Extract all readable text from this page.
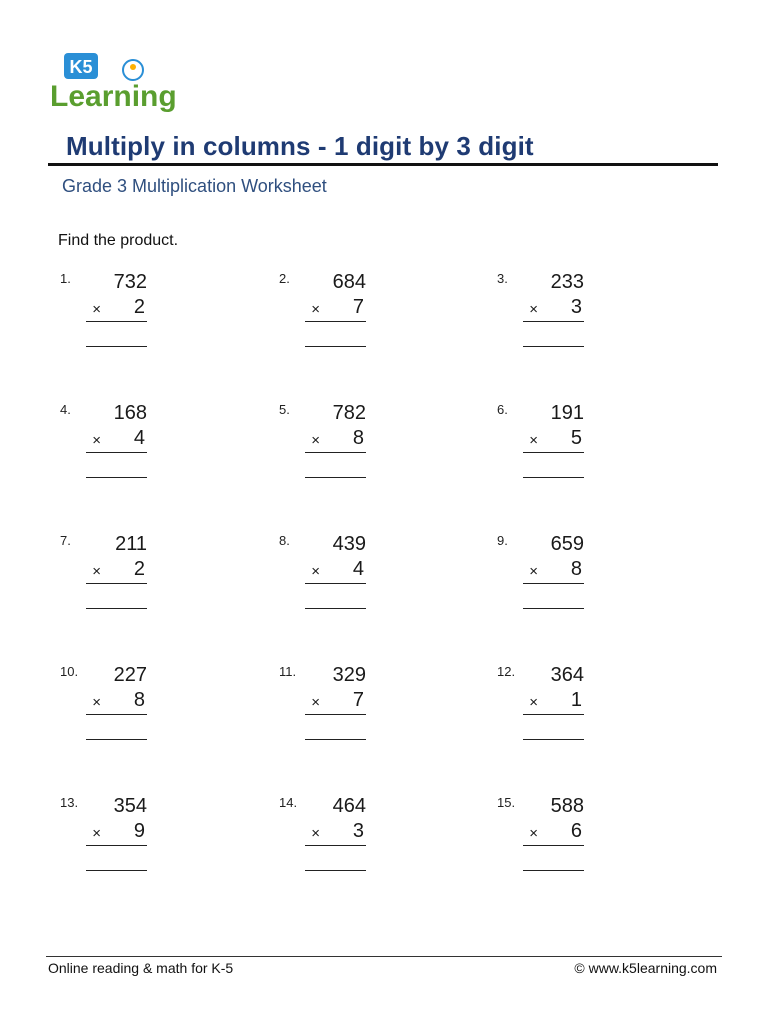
K5
Learning
Multiply in columns - 1 digit by 3 digit
Grade 3 Multiplication Worksheet
Find the product.
1.	732
×	2
2.	684
×	7
3.	233
×	3
4.	168
×	4
5.	782
×	8
6.	191
×	5
7.	211
×	2
8.	439
×	4
9.	659
×	8
10.	227
×	8
11.	329
×	7
12.	364
×	1
13.	354
×	9
14.	464
×	3
15.	588
×	6
Online reading & math for K-5	© www.k5learning.com
